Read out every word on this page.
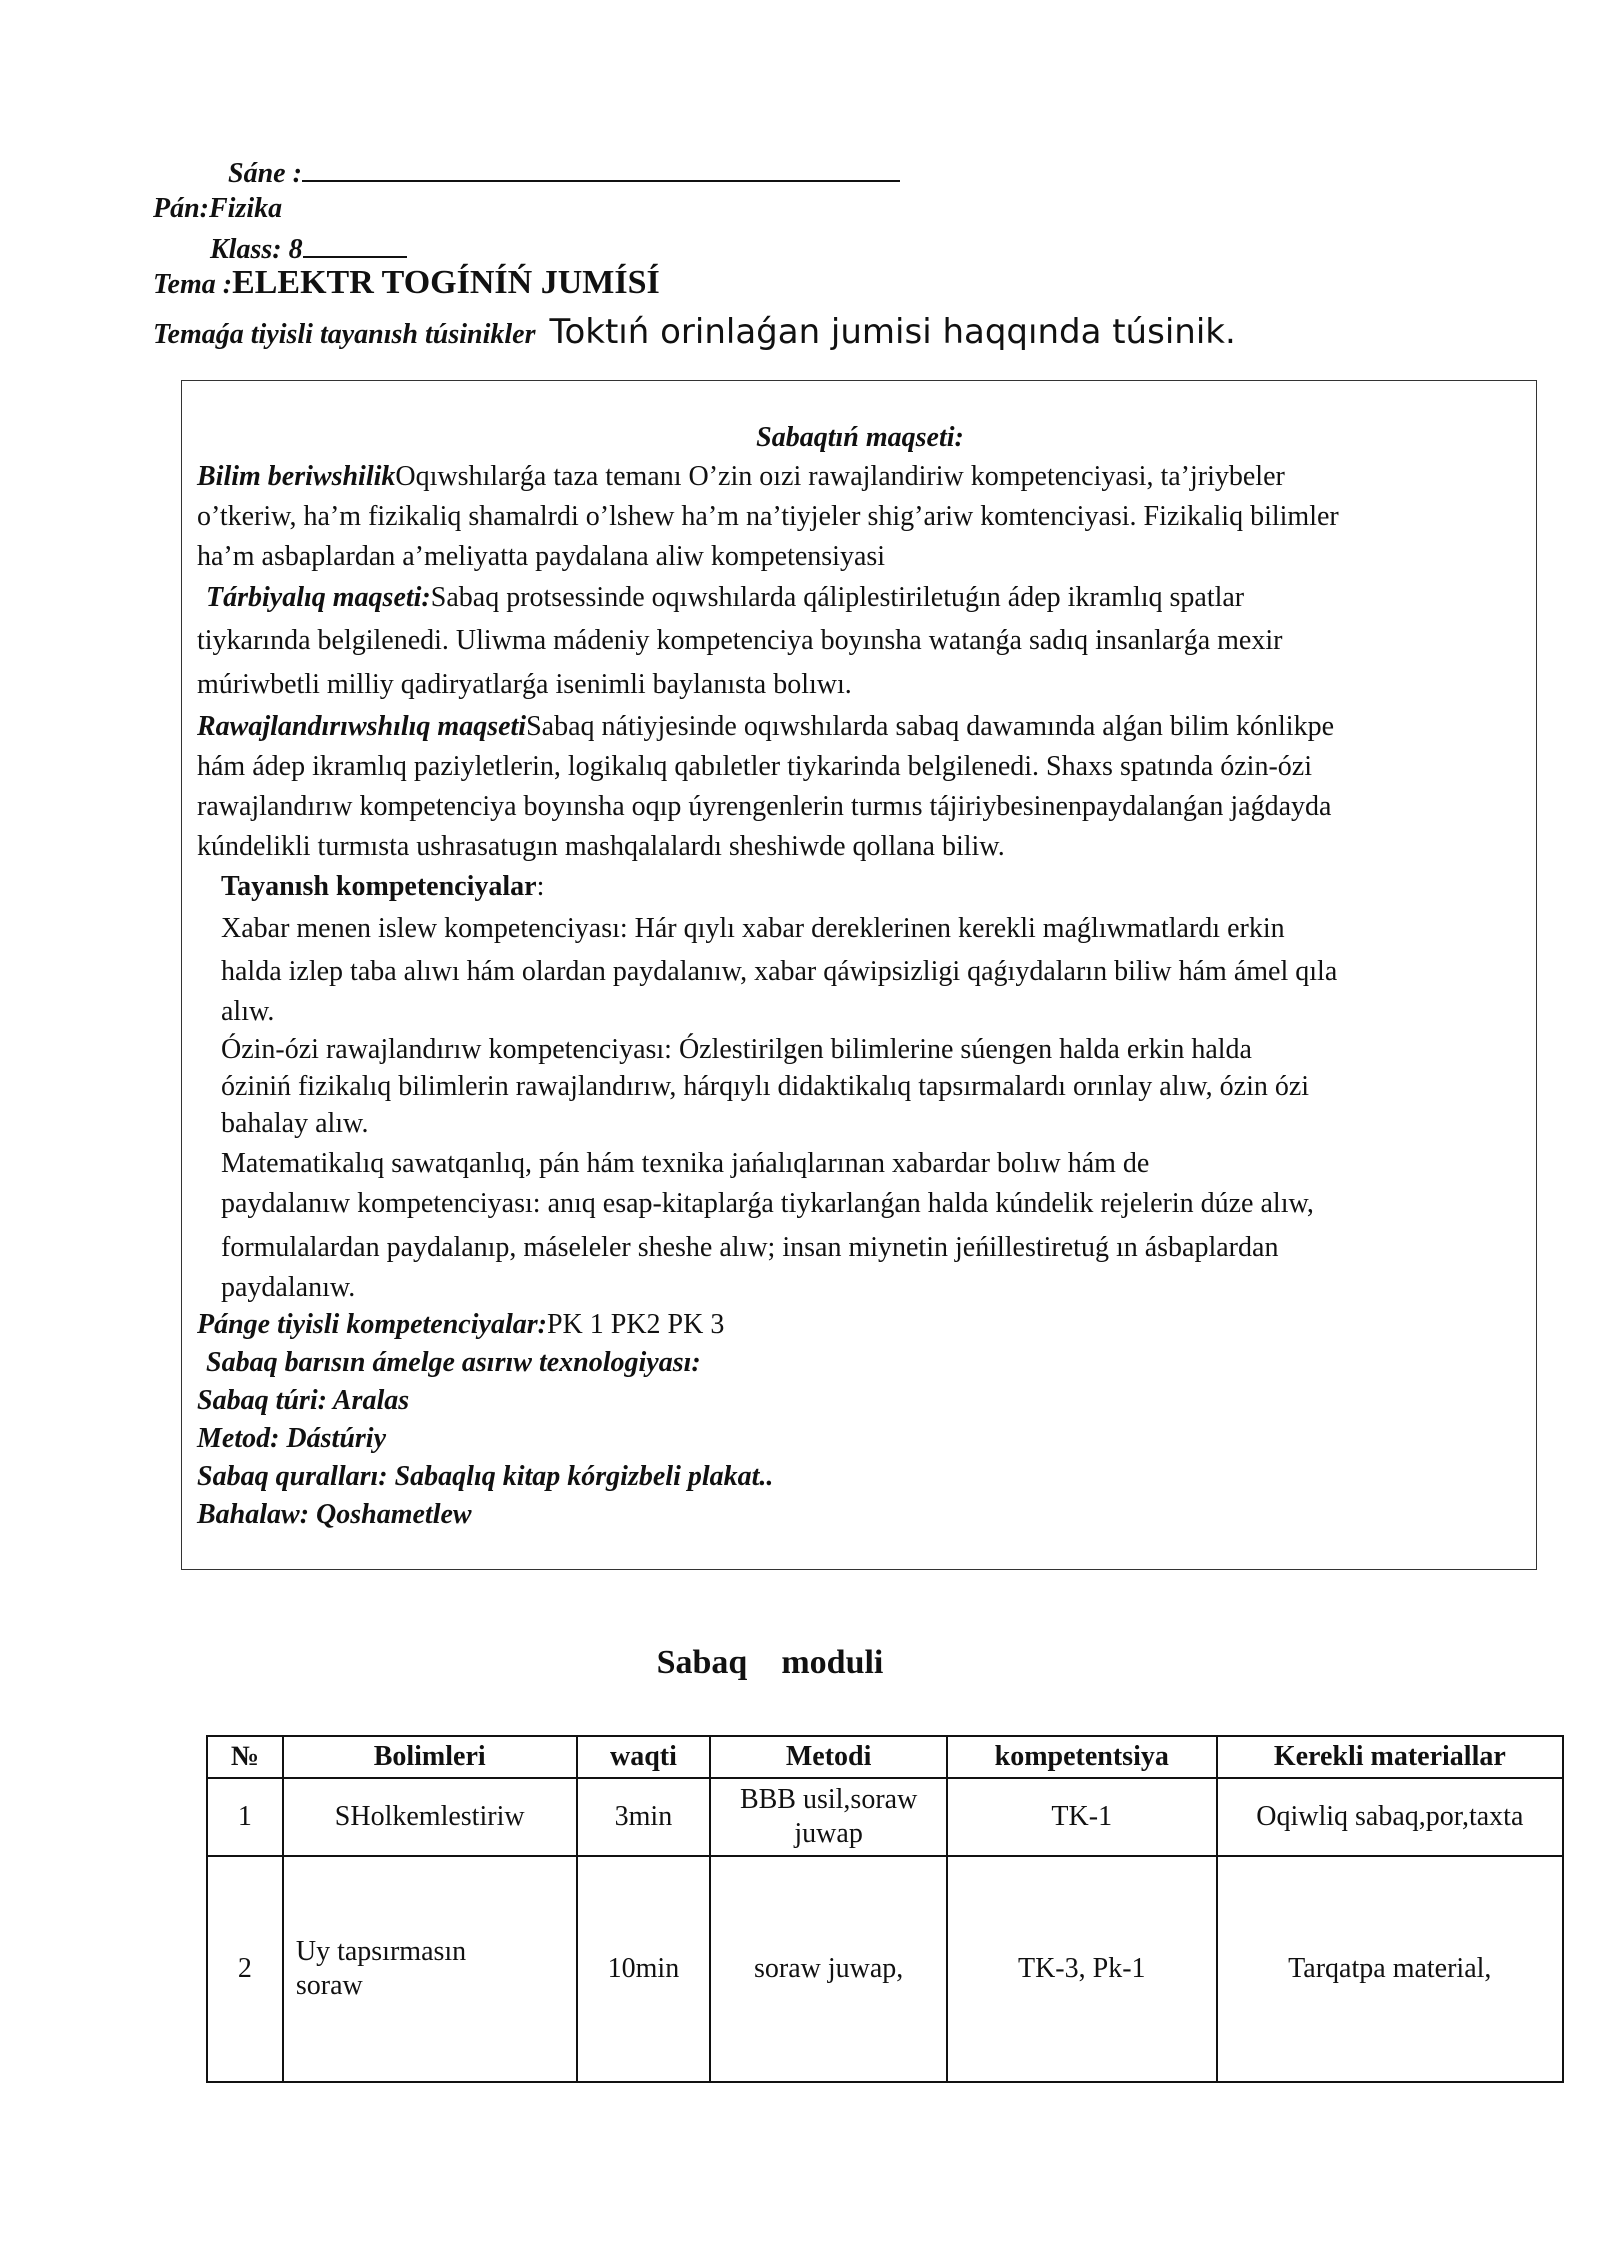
Sáne :
Pán:Fizika
Klass: 8
Tema :ELEKTR TOGÍNÍŃ JUMÍSÍ
Temaǵa tiyisli tayanısh túsinikler Toktıń orinlaǵan jumisi haqqında túsinik.
Sabaqtıń maqseti:
Bilim beriwshilikOqıwshılarǵa taza temanı O’zin oızi rawajlandiriw kompetenciyasi, ta’jriybeler
o’tkeriw, ha’m fizikaliq shamalrdi o’lshew ha’m na’tiyjeler shig’ariw komtenciyasi. Fizikaliq bilimler
ha’m asbaplardan a’meliyatta paydalana aliw kompetensiyasi
Tárbiyalıq maqseti:Sabaq protsessinde oqıwshılarda qáliplestiriletuǵın ádep ikramlıq spatlar
tiykarında belgilenedi. Uliwma mádeniy kompetenciya boyınsha watanǵa sadıq insanlarǵa mexir
múriwbetli milliy qadiryatlarǵa isenimli baylanısta bolıwı.
Rawajlandırıwshılıq maqsetiSabaq nátiyjesinde oqıwshılarda sabaq dawamında alǵan bilim kónlikpe
hám ádep ikramlıq paziyletlerin, logikalıq qabıletler tiykarinda belgilenedi. Shaxs spatında ózin-ózi
rawajlandırıw kompetenciya boyınsha oqıp úyrengenlerin turmıs tájiriybesinenpaydalanǵan jaǵdayda
kúndelikli turmısta ushrasatugın mashqalalardı sheshiwde qollana biliw.
Tayanısh kompetenciyalar:
Xabar menen islew kompetenciyası: Hár qıylı xabar dereklerinen kerekli maǵlıwmatlardı erkin
halda izlep taba alıwı hám olardan paydalanıw, xabar qáwipsizligi qaǵıydaların biliw hám ámel qıla
alıw.
Ózin-ózi rawajlandırıw kompetenciyası: Ózlestirilgen bilimlerine súengen halda erkin halda
óziniń fizikalıq bilimlerin rawajlandırıw, hárqıylı didaktikalıq tapsırmalardı orınlay alıw, ózin ózi
bahalay alıw.
Matematikalıq sawatqanlıq, pán hám texnika jańalıqlarınan xabardar bolıw hám de
paydalanıw kompetenciyası: anıq esap-kitaplarǵa tiykarlanǵan halda kúndelik rejelerin dúze alıw,
formulalardan paydalanıp, máseleler sheshe alıw; insan miynetin jeńillestiretuǵ ın ásbaplardan
paydalanıw.
Pánge tiyisli kompetenciyalar:PK 1 PK2 PK 3
Sabaq barısın ámelge asırıw texnologiyası:
Sabaq túri: Aralas
Metod: Dástúriy
Sabaq quralları: Sabaqlıq kitap kórgizbeli plakat..
Bahalaw: Qoshametlew
Sabaq    moduli
№	Bolimleri	waqti	Metodi	kompetentsiya	Kerekli materiallar
1	SHolkemlestiriw	3min	BBB usil,soraw juwap	TK-1	Oqiwliq sabaq,por,taxta
2	Uy tapsırmasın soraw	10min	soraw juwap,	TK-3, Pk-1	Tarqatpa material,
